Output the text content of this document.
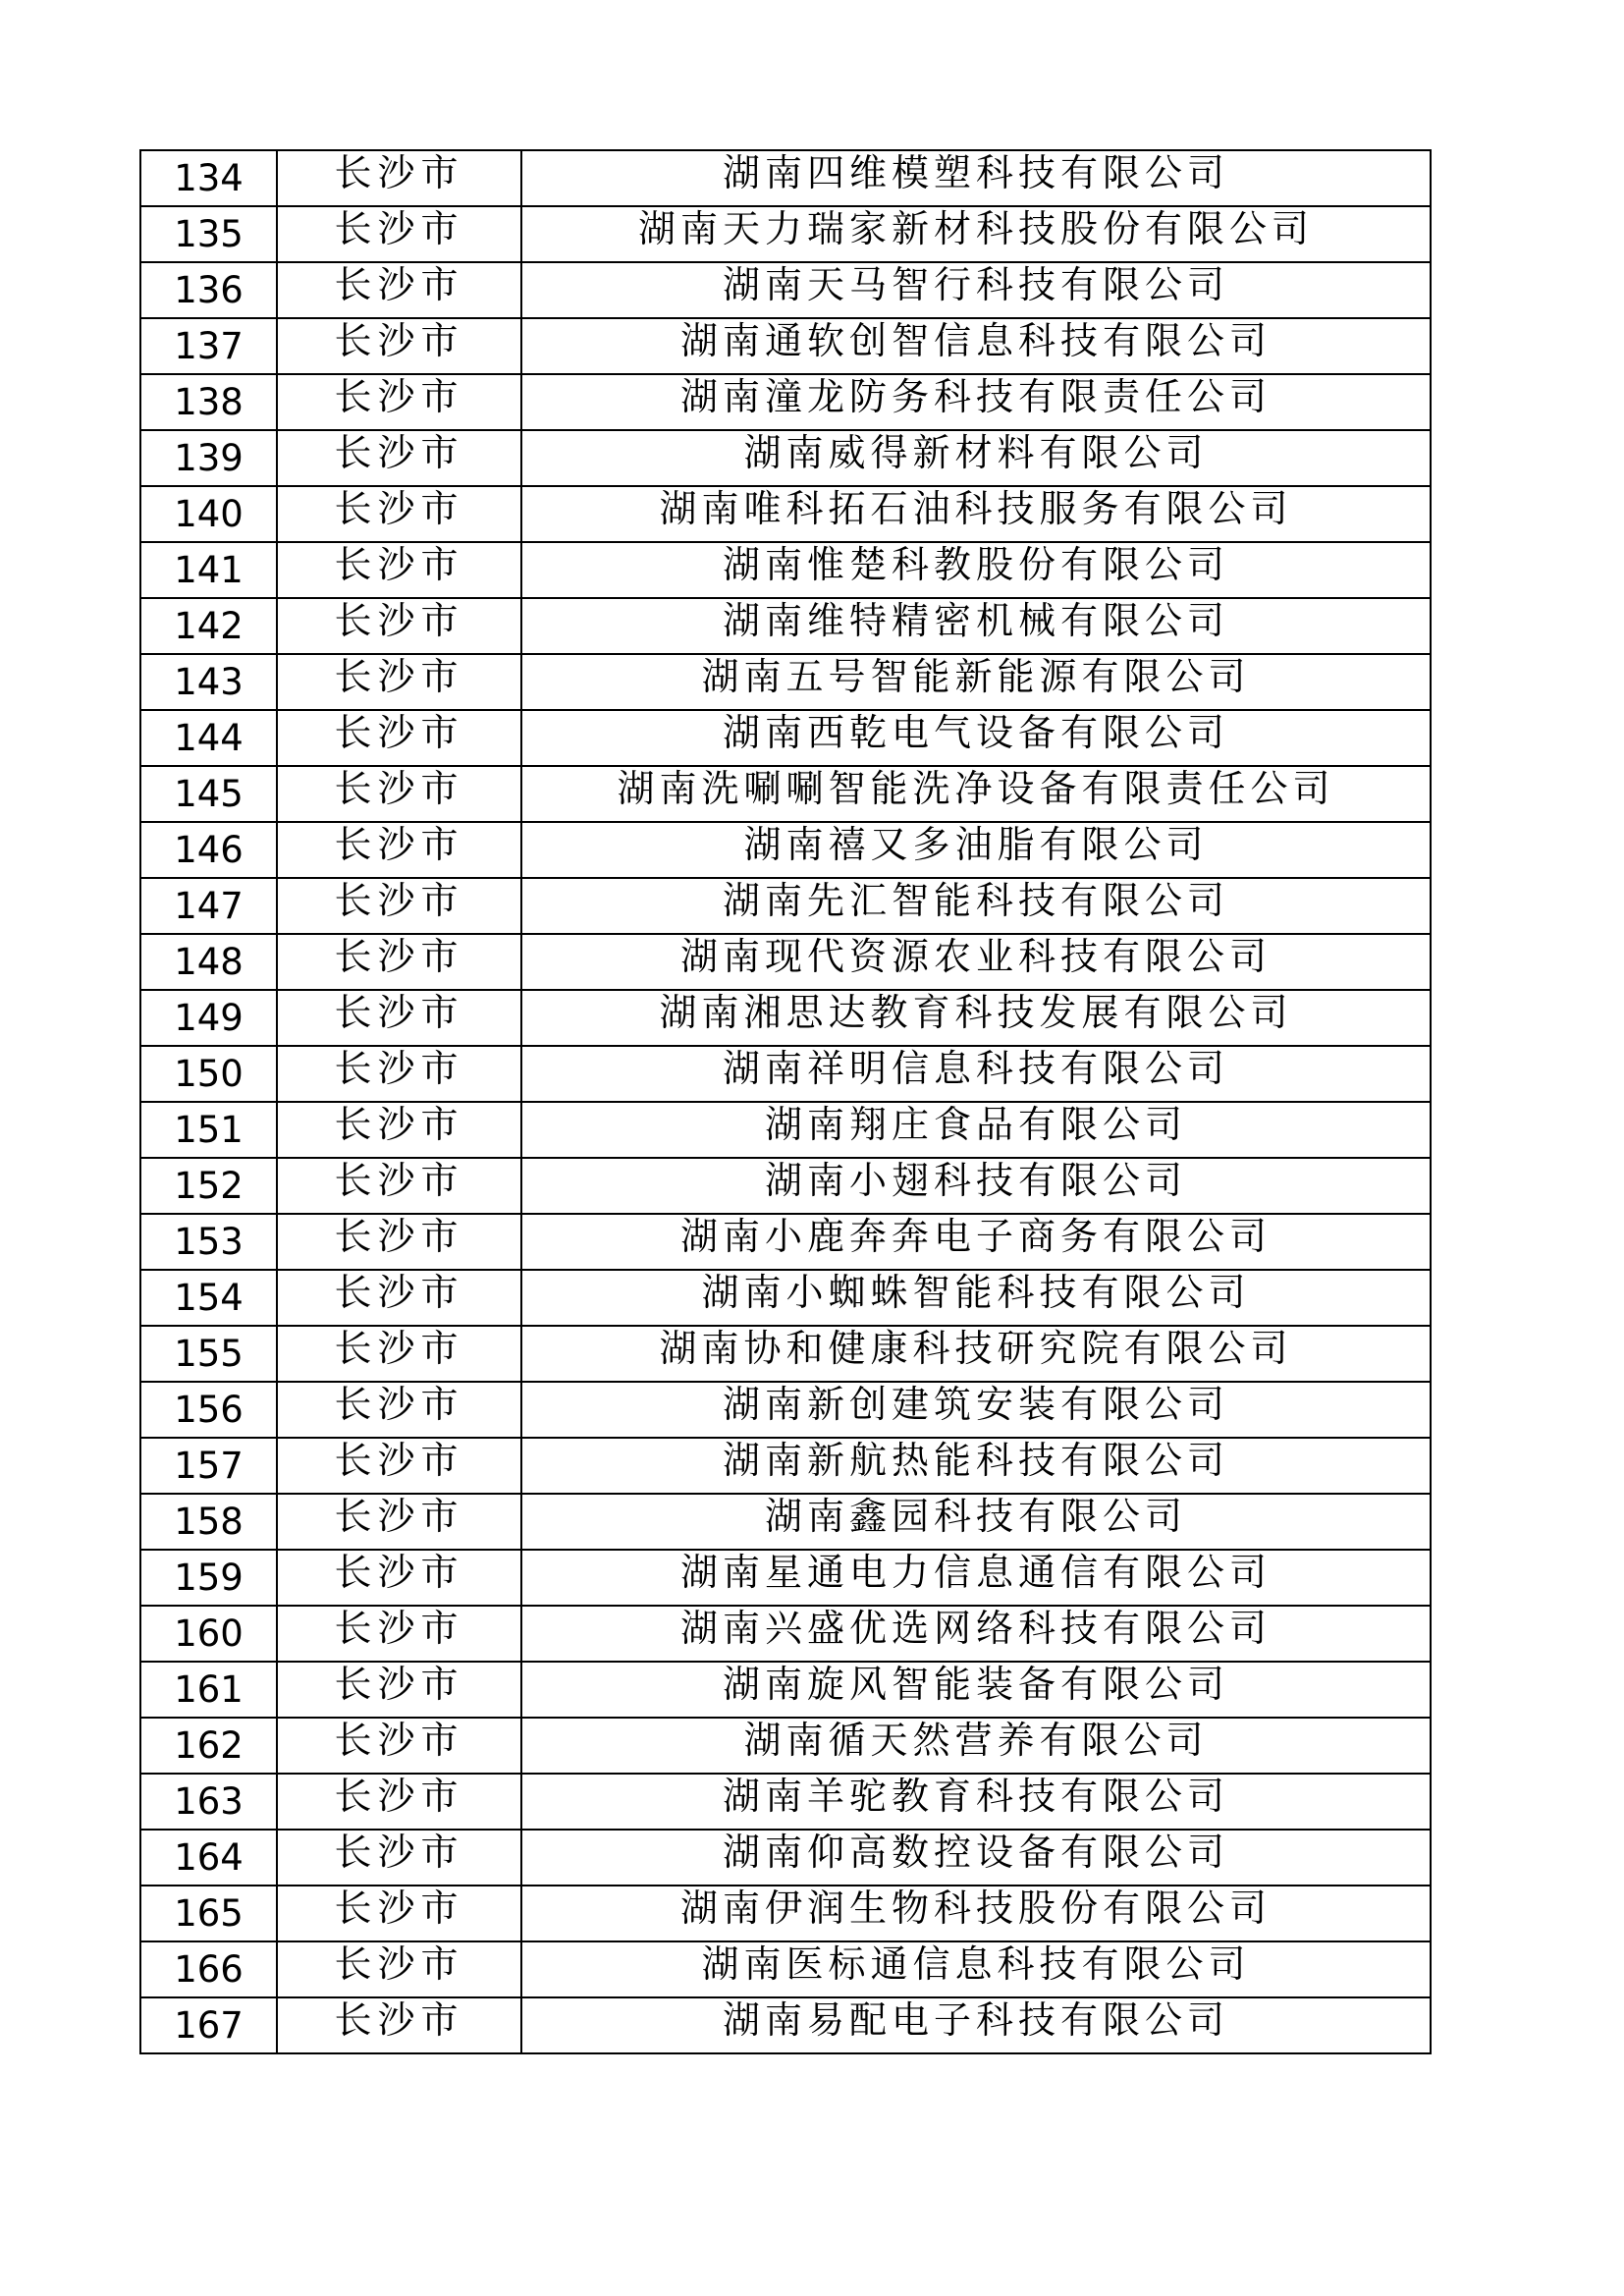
134	长沙市	湖南四维模塑科技有限公司
135	长沙市	湖南天力瑞家新材科技股份有限公司
136	长沙市	湖南天马智行科技有限公司
137	长沙市	湖南通软创智信息科技有限公司
138	长沙市	湖南潼龙防务科技有限责任公司
139	长沙市	湖南威得新材料有限公司
140	长沙市	湖南唯科拓石油科技服务有限公司
141	长沙市	湖南惟楚科教股份有限公司
142	长沙市	湖南维特精密机械有限公司
143	长沙市	湖南五号智能新能源有限公司
144	长沙市	湖南西乾电气设备有限公司
145	长沙市	湖南洗唰唰智能洗净设备有限责任公司
146	长沙市	湖南禧又多油脂有限公司
147	长沙市	湖南先汇智能科技有限公司
148	长沙市	湖南现代资源农业科技有限公司
149	长沙市	湖南湘思达教育科技发展有限公司
150	长沙市	湖南祥明信息科技有限公司
151	长沙市	湖南翔庄食品有限公司
152	长沙市	湖南小翅科技有限公司
153	长沙市	湖南小鹿奔奔电子商务有限公司
154	长沙市	湖南小蜘蛛智能科技有限公司
155	长沙市	湖南协和健康科技研究院有限公司
156	长沙市	湖南新创建筑安装有限公司
157	长沙市	湖南新航热能科技有限公司
158	长沙市	湖南鑫园科技有限公司
159	长沙市	湖南星通电力信息通信有限公司
160	长沙市	湖南兴盛优选网络科技有限公司
161	长沙市	湖南旋风智能装备有限公司
162	长沙市	湖南循天然营养有限公司
163	长沙市	湖南羊驼教育科技有限公司
164	长沙市	湖南仰高数控设备有限公司
165	长沙市	湖南伊润生物科技股份有限公司
166	长沙市	湖南医标通信息科技有限公司
167	长沙市	湖南易配电子科技有限公司
